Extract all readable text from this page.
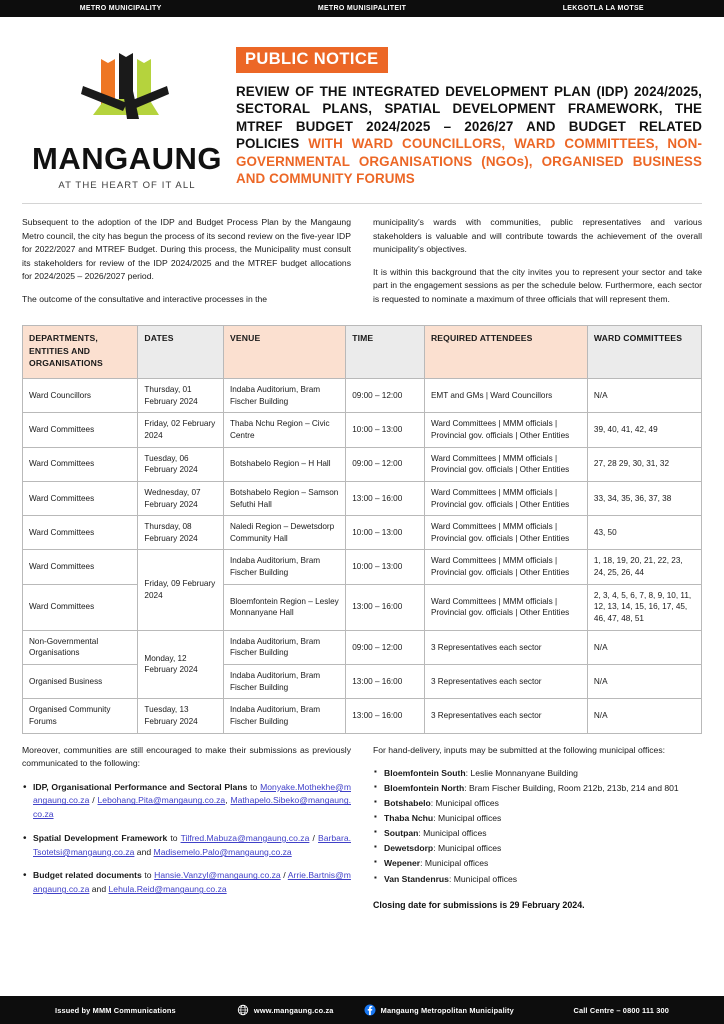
METRO MUNICIPALITY	METRO MUNISIPALITEIT	LEKGOTLA LA MOTSE
MANGAUNG
AT THE HEART OF IT ALL
PUBLIC NOTICE
REVIEW OF THE INTEGRATED DEVELOPMENT PLAN (IDP) 2024/2025, SECTORAL PLANS, SPATIAL DEVELOPMENT FRAMEWORK, THE MTREF BUDGET 2024/2025 – 2026/27 AND BUDGET RELATED POLICIES WITH WARD COUNCILLORS, WARD COMMITTEES, NON-GOVERNMENTAL ORGANISATIONS (NGOs), ORGANISED BUSINESS AND COMMUNITY FORUMS

Subsequent to the adoption of the IDP and Budget Process Plan by the Mangaung Metro council, the city has begun the process of its second review on the five-year IDP for 2022/2027 and MTREF Budget. During this process, the Municipality must consult its stakeholders for review of the IDP 2024/2025 and the MTREF budget allocations for 2024/2025 – 2026/2027 period.

The outcome of the consultative and interactive processes in the

municipality’s wards with communities, public representatives and various stakeholders is valuable and will contribute towards the achievement of the overall municipality’s objectives.

It is within this background that the city invites you to represent your sector and take part in the engagement sessions as per the schedule below. Furthermore, each sector is requested to nominate a maximum of three officials that will represent them.

DEPARTMENTS, ENTITIES AND ORGANISATIONS	DATES	VENUE	TIME	REQUIRED ATTENDEES	WARD COMMITTEES
Ward Councillors	Thursday, 01 February 2024	Indaba Auditorium, Bram Fischer Building	09:00 – 12:00	EMT and GMs | Ward Councillors	N/A
Ward Committees	Friday, 02 February 2024	Thaba Nchu Region – Civic Centre	10:00 – 13:00	Ward Committees | MMM officials | Provincial gov. officials | Other Entities	39, 40, 41, 42, 49
Ward Committees	Tuesday, 06 February 2024	Botshabelo Region – H Hall	09:00 – 12:00	Ward Committees | MMM officials | Provincial gov. officials | Other Entities	27, 28 29, 30, 31, 32
Ward Committees	Wednesday, 07 February 2024	Botshabelo Region – Samson Sefuthi Hall	13:00 – 16:00	Ward Committees | MMM officials | Provincial gov. officials | Other Entities	33, 34, 35, 36, 37, 38
Ward Committees	Thursday, 08 February 2024	Naledi Region – Dewetsdorp Community Hall	10:00 – 13:00	Ward Committees | MMM officials | Provincial gov. officials | Other Entities	43, 50
Ward Committees	Friday, 09 February 2024	Indaba Auditorium, Bram Fischer Building	10:00 – 13:00	Ward Committees | MMM officials | Provincial gov. officials | Other Entities	1, 18, 19, 20, 21, 22, 23, 24, 25, 26, 44
Ward Committees		Bloemfontein Region – Lesley Monnanyane Hall	13:00 – 16:00	Ward Committees | MMM officials | Provincial gov. officials | Other Entities	2, 3, 4, 5, 6, 7, 8, 9, 10, 11, 12, 13, 14, 15, 16, 17, 45, 46, 47, 48, 51
Non-Governmental Organisations	Monday, 12 February 2024	Indaba Auditorium, Bram Fischer Building	09:00 – 12:00	3 Representatives each sector	N/A
Organised Business		Indaba Auditorium, Bram Fischer Building	13:00 – 16:00	3 Representatives each sector	N/A
Organised Community Forums	Tuesday, 13 February 2024	Indaba Auditorium, Bram Fischer Building	13:00 – 16:00	3 Representatives each sector	N/A

Moreover, communities are still encouraged to make their submissions as previously communicated to the following:

• IDP, Organisational Performance and Sectoral Plans to Monyake.Mothekhe@mangaung.co.za / Lebohang.Pita@mangaung.co.za, Mathapelo.Sibeko@mangaung.co.za
• Spatial Development Framework to Tilfred.Mabuza@mangaung.co.za / Barbara.Tsotetsi@mangaung.co.za and Madisemelo.Palo@mangaung.co.za
• Budget related documents to Hansie.Vanzyl@mangaung.co.za / Arrie.Bartnis@mangaung.co.za and Lehula.Reid@mangaung.co.za

For hand-delivery, inputs may be submitted at the following municipal offices:

▪ Bloemfontein South: Leslie Monnanyane Building
▪ Bloemfontein North: Bram Fischer Building, Room 212b, 213b, 214 and 801
▪ Botshabelo: Municipal offices
▪ Thaba Nchu: Municipal offices
▪ Soutpan: Municipal offices
▪ Dewetsdorp: Municipal offices
▪ Wepener: Municipal offices
▪ Van Standenrus: Municipal offices
Closing date for submissions is 29 February 2024.
Issued by MMM Communications	www.mangaung.co.za	Mangaung Metropolitan Municipality	Call Centre – 0800 111 300
